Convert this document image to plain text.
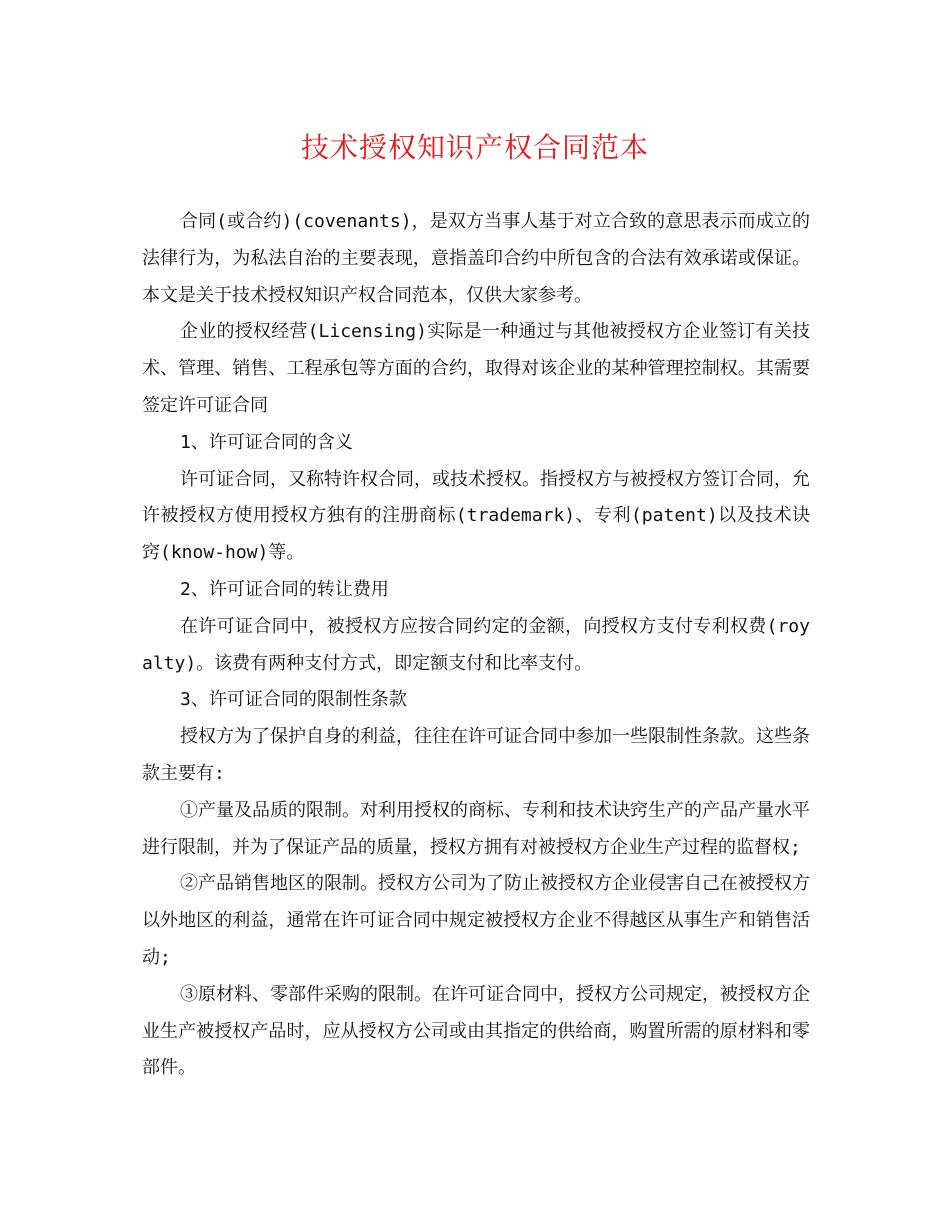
技术授权知识产权合同范本

合同(或合约)(covenants)，是双方当事人基于对立合致的意思表示而成立的法律行为，为私法自治的主要表现，意指盖印合约中所包含的合法有效承诺或保证。本文是关于技术授权知识产权合同范本，仅供大家参考。

企业的授权经营(Licensing)实际是一种通过与其他被授权方企业签订有关技术、管理、销售、工程承包等方面的合约，取得对该企业的某种管理控制权。其需要签定许可证合同

1、许可证合同的含义

许可证合同，又称特许权合同，或技术授权。指授权方与被授权方签订合同，允许被授权方使用授权方独有的注册商标(trademark)、专利(patent)以及技术诀窍(know-how)等。

2、许可证合同的转让费用

在许可证合同中，被授权方应按合同约定的金额，向授权方支付专利权费(royalty)。该费有两种支付方式，即定额支付和比率支付。

3、许可证合同的限制性条款

授权方为了保护自身的利益，往往在许可证合同中参加一些限制性条款。这些条款主要有:

①产量及品质的限制。对利用授权的商标、专利和技术诀窍生产的产品产量水平进行限制，并为了保证产品的质量，授权方拥有对被授权方企业生产过程的监督权;

②产品销售地区的限制。授权方公司为了防止被授权方企业侵害自己在被授权方以外地区的利益，通常在许可证合同中规定被授权方企业不得越区从事生产和销售活动;

③原材料、零部件采购的限制。在许可证合同中，授权方公司规定，被授权方企业生产被授权产品时，应从授权方公司或由其指定的供给商，购置所需的原材料和零部件。
